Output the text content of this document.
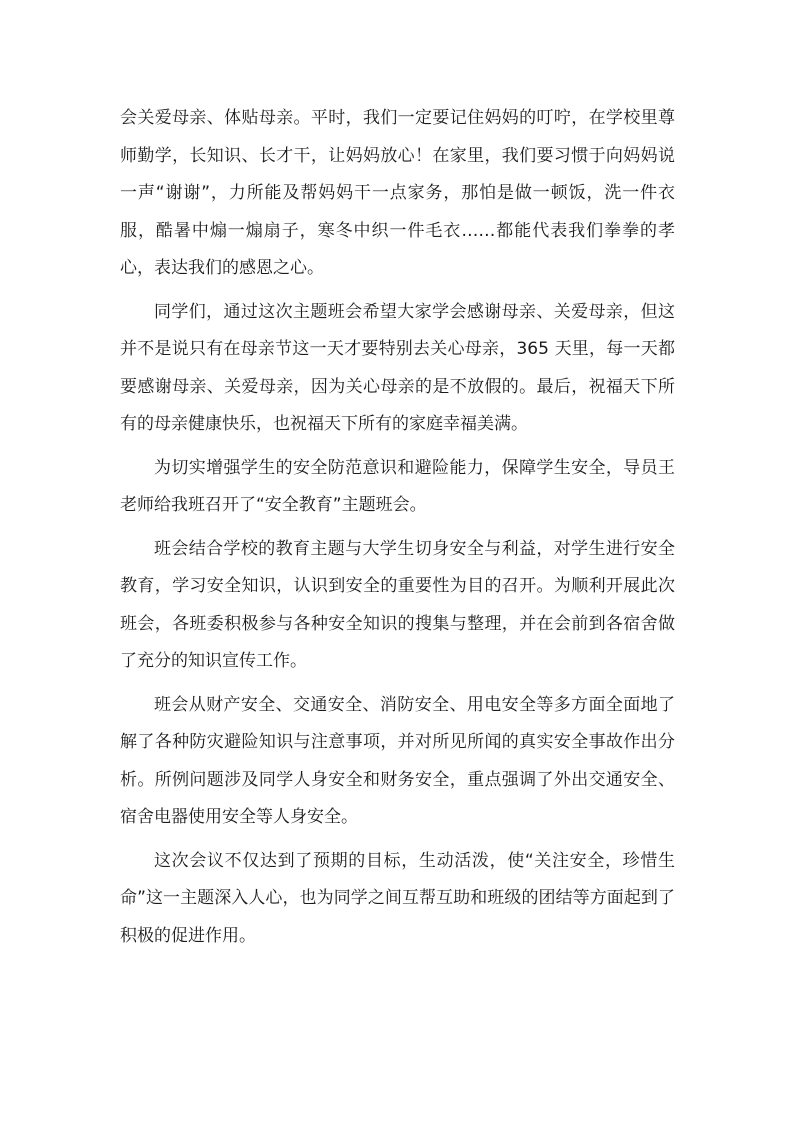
会关爱母亲、体贴母亲。平时，我们一定要记住妈妈的叮咛，在学校里尊师勤学，长知识、长才干，让妈妈放心！在家里，我们要习惯于向妈妈说一声“谢谢”，力所能及帮妈妈干一点家务，那怕是做一顿饭，洗一件衣服，酷暑中煽一煽扇子，寒冬中织一件毛衣……都能代表我们拳拳的孝心，表达我们的感恩之心。

同学们，通过这次主题班会希望大家学会感谢母亲、关爱母亲，但这并不是说只有在母亲节这一天才要特别去关心母亲，365 天里，每一天都要感谢母亲、关爱母亲，因为关心母亲的是不放假的。最后，祝福天下所有的母亲健康快乐，也祝福天下所有的家庭幸福美满。

为切实增强学生的安全防范意识和避险能力，保障学生安全，导员王老师给我班召开了“安全教育”主题班会。

班会结合学校的教育主题与大学生切身安全与利益，对学生进行安全教育，学习安全知识，认识到安全的重要性为目的召开。为顺利开展此次班会，各班委积极参与各种安全知识的搜集与整理，并在会前到各宿舍做了充分的知识宣传工作。

班会从财产安全、交通安全、消防安全、用电安全等多方面全面地了解了各种防灾避险知识与注意事项，并对所见所闻的真实安全事故作出分析。所例问题涉及同学人身安全和财务安全，重点强调了外出交通安全、宿舍电器使用安全等人身安全。

这次会议不仅达到了预期的目标，生动活泼，使“关注安全，珍惜生命”这一主题深入人心，也为同学之间互帮互助和班级的团结等方面起到了积极的促进作用。
